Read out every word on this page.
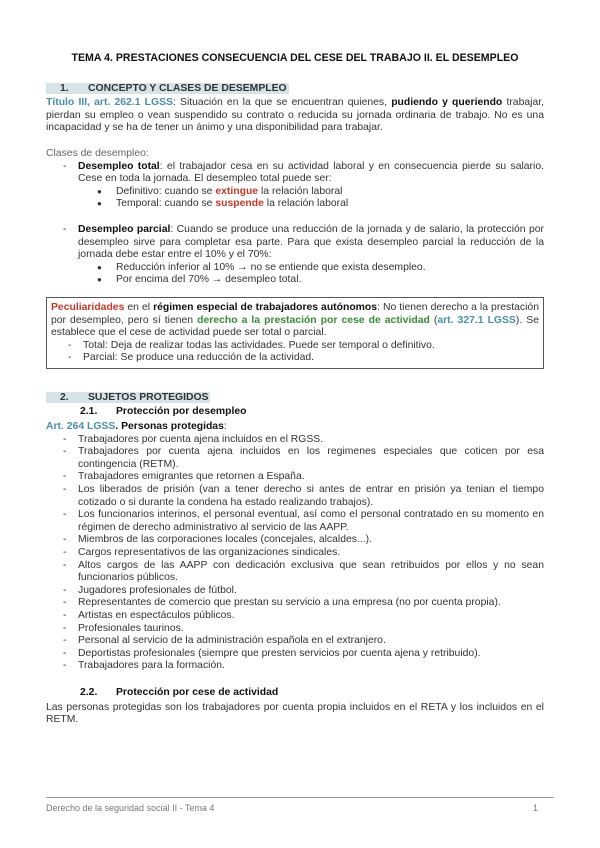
TEMA 4. PRESTACIONES CONSECUENCIA DEL CESE DEL TRABAJO II. EL DESEMPLEO
1. CONCEPTO Y CLASES DE DESEMPLEO

Título III, art. 262.1 LGSS: Situación en la que se encuentran quienes, pudiendo y queriendo trabajar, pierdan su empleo o vean suspendido su contrato o reducida su jornada ordinaria de trabajo. No es una incapacidad y se ha de tener un ánimo y una disponibilidad para trabajar.

Clases de desempleo:

- Desempleo total: el trabajador cesa en su actividad laboral y en consecuencia pierde su salario. Cese en toda la jornada. El desempleo total puede ser:
● Definitivo: cuando se extingue la relación laboral
● Temporal: cuando se suspende la relación laboral
- Desempleo parcial: Cuando se produce una reducción de la jornada y de salario, la protección por desempleo sirve para completar esa parte. Para que exista desempleo parcial la reducción de la jornada debe estar entre el 10% y el 70%:
● Reducción inferior al 10% → no se entiende que exista desempleo.
● Por encima del 70% → desempleo total.

Peculiaridades en el régimen especial de trabajadores autónomos: No tienen derecho a la prestación por desempleo, pero sí tienen derecho a la prestación por cese de actividad (art. 327.1 LGSS). Se establece que el cese de actividad puede ser total o parcial.

- Total: Deja de realizar todas las actividades. Puede ser temporal o definitivo.
- Parcial: Se produce una reducción de la actividad.
2. SUJETOS PROTEGIDOS
2.1. Protección por desempleo

Art. 264 LGSS. Personas protegidas:

- Trabajadores por cuenta ajena incluidos en el RGSS.
- Trabajadores por cuenta ajena incluidos en los regimenes especiales que coticen por esa contingencia (RETM).
- Trabajadores emigrantes que retornen a España.
- Los liberados de prisión (van a tener derecho si antes de entrar en prisión ya tenian el tiempo cotizado o si durante la condena ha estado realizando trabajos).
- Los funcionarios interinos, el personal eventual, así como el personal contratado en su momento en régimen de derecho administrativo al servicio de las AAPP.
- Miembros de las corporaciones locales (concejales, alcaldes...).
- Cargos representativos de las organizaciones sindicales.
- Altos cargos de las AAPP con dedicación exclusiva que sean retribuidos por ellos y no sean funcionarios públicos.
- Jugadores profesionales de fútbol.
- Representantes de comercio que prestan su servicio a una empresa (no por cuenta propia).
- Artistas en espectáculos públicos.
- Profesionales taurinos.
- Personal al servicio de la administración española en el extranjero.
- Deportistas profesionales (siempre que presten servicios por cuenta ajena y retribuido).
- Trabajadores para la formación.
2.2. Protección por cese de actividad

Las personas protegidas son los trabajadores por cuenta propia incluidos en el RETA y los incluidos en el RETM.

Derecho de la seguridad social II - Tema 4	1
